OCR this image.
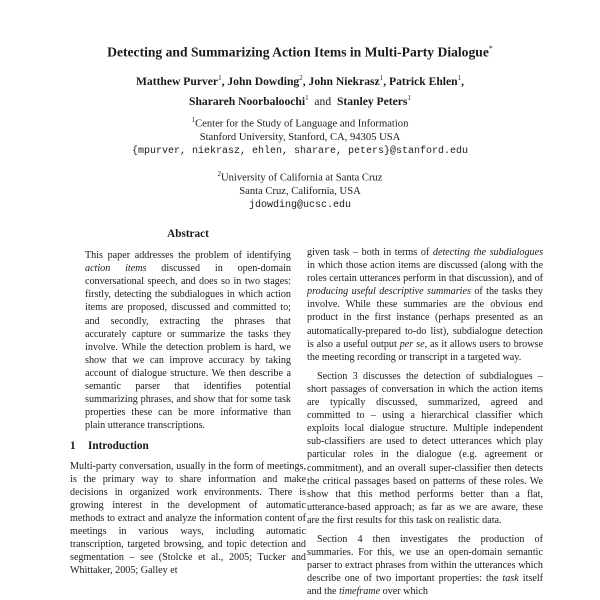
Detecting and Summarizing Action Items in Multi-Party Dialogue*
Matthew Purver$^1$, John Dowding$^2$, John Niekrasz$^1$, Patrick Ehlen$^1$,
Sharareh Noorbaloochi$^1$ and Stanley Peters$^1$
$^1$Center for the Study of Language and Information
Stanford University, Stanford, CA, 94305 USA
{mpurver, niekrasz, ehlen, sharare, peters}@stanford.edu
$^2$University of California at Santa Cruz
Santa Cruz, California, USA
jdowding@ucsc.edu
Abstract

This paper addresses the problem of identifying action items discussed in open-domain conversational speech, and does so in two stages: firstly, detecting the subdialogues in which action items are proposed, discussed and committed to; and secondly, extracting the phrases that accurately capture or summarize the tasks they involve. While the detection problem is hard, we show that we can improve accuracy by taking account of dialogue structure. We then describe a semantic parser that identifies potential summarizing phrases, and show that for some task properties these can be more informative than plain utterance transcriptions.

1 Introduction

Multi-party conversation, usually in the form of meetings, is the primary way to share information and make decisions in organized work environments. There is growing interest in the development of automatic methods to extract and analyze the information content of meetings in various ways, including automatic transcription, targeted browsing, and topic detection and segmentation – see (Stolcke et al., 2005; Tucker and Whittaker, 2005; Galley et

given task – both in terms of detecting the subdialogues in which those action items are discussed (along with the roles certain utterances perform in that discussion), and of producing useful descriptive summaries of the tasks they involve. While these summaries are the obvious end product in the first instance (perhaps presented as an automatically-prepared to-do list), subdialogue detection is also a useful output per se, as it allows users to browse the meeting recording or transcript in a targeted way.

Section 3 discusses the detection of subdialogues – short passages of conversation in which the action items are typically discussed, summarized, agreed and committed to – using a hierarchical classifier which exploits local dialogue structure. Multiple independent sub-classifiers are used to detect utterances which play particular roles in the dialogue (e.g. agreement or commitment), and an overall super-classifier then detects the critical passages based on patterns of these roles. We show that this method performs better than a flat, utterance-based approach; as far as we are aware, these are the first results for this task on realistic data.

Section 4 then investigates the production of summaries. For this, we use an open-domain semantic parser to extract phrases from within the utterances which describe one of two important properties: the task itself and the timeframe over which
